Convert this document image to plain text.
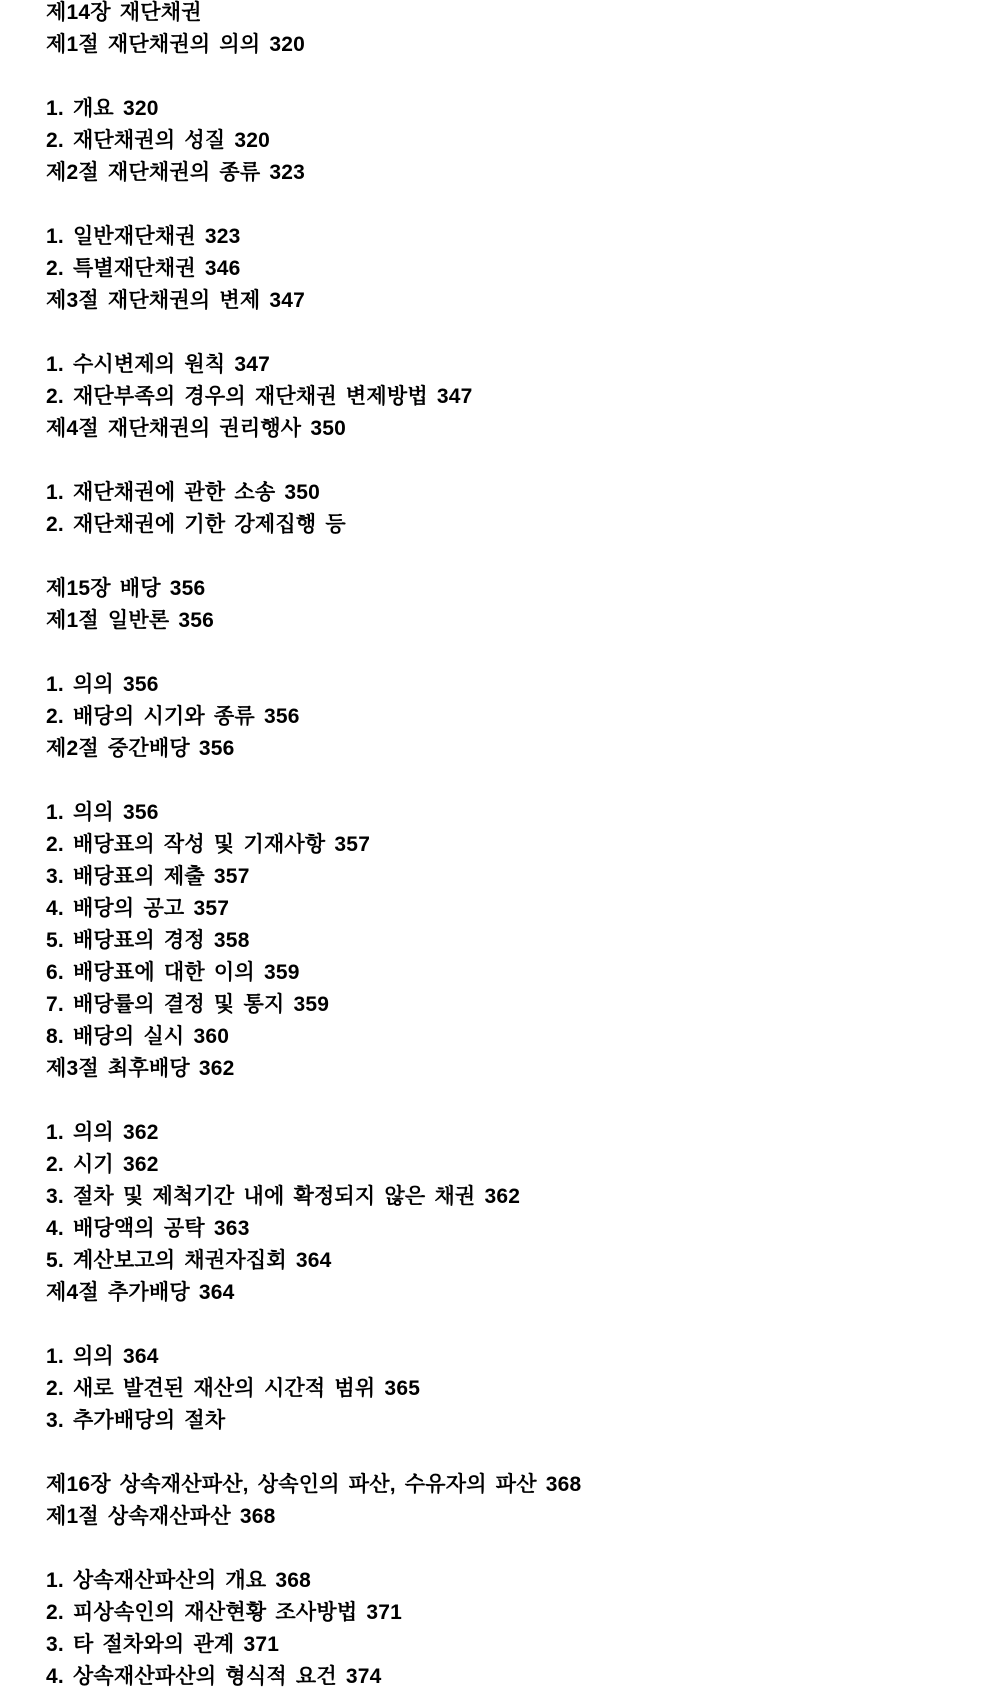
제14장 재단채권
제1절 재단채권의 의의 320
1. 개요 320
2. 재단채권의 성질 320
제2절 재단채권의 종류 323
1. 일반재단채권 323
2. 특별재단채권 346
제3절 재단채권의 변제 347
1. 수시변제의 원칙 347
2. 재단부족의 경우의 재단채권 변제방법 347
제4절 재단채권의 권리행사 350
1. 재단채권에 관한 소송 350
2. 재단채권에 기한 강제집행 등
제15장 배당 356
제1절 일반론 356
1. 의의 356
2. 배당의 시기와 종류 356
제2절 중간배당 356
1. 의의 356
2. 배당표의 작성 및 기재사항 357
3. 배당표의 제출 357
4. 배당의 공고 357
5. 배당표의 경정 358
6. 배당표에 대한 이의 359
7. 배당률의 결정 및 통지 359
8. 배당의 실시 360
제3절 최후배당 362
1. 의의 362
2. 시기 362
3. 절차 및 제척기간 내에 확정되지 않은 채권 362
4. 배당액의 공탁 363
5. 계산보고의 채권자집회 364
제4절 추가배당 364
1. 의의 364
2. 새로 발견된 재산의 시간적 범위 365
3. 추가배당의 절차
제16장 상속재산파산, 상속인의 파산, 수유자의 파산 368
제1절 상속재산파산 368
1. 상속재산파산의 개요 368
2. 피상속인의 재산현황 조사방법 371
3. 타 절차와의 관계 371
4. 상속재산파산의 형식적 요건 374
